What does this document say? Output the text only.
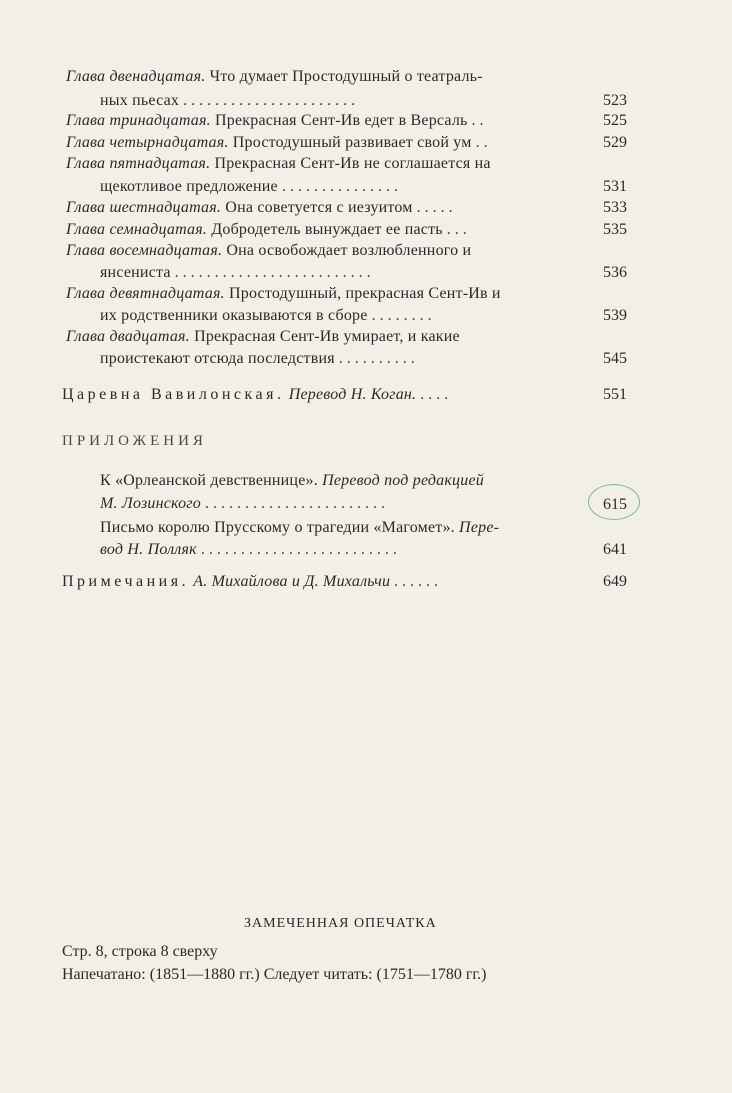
Глава двенадцатая. Что думает Простодушный о театраль-
ных пьесах . . . . . . . . . . . . . . . . . . . . . .	523
Глава тринадцатая. Прекрасная Сент-Ив едет в Версаль . .	525
Глава четырнадцатая. Простодушный развивает свой ум . .	529
Глава пятнадцатая. Прекрасная Сент-Ив не соглашается на
щекотливое предложение . . . . . . . . . . . . . . .	531
Глава шестнадцатая. Она советуется с иезуитом . . . . .	533
Глава семнадцатая. Добродетель вынуждает ее пасть . . .	535
Глава восемнадцатая. Она освобождает возлюбленного и
янсениста . . . . . . . . . . . . . . . . . . . . . . . . .	536
Глава девятнадцатая. Простодушный, прекрасная Сент-Ив и
их родственники оказываются в сборе . . . . . . . .	539
Глава двадцатая. Прекрасная Сент-Ив умирает, и какие
проистекают отсюда последствия . . . . . . . . . .	545
Царевна Вавилонская. Перевод Н. Коган. . . . .	551
ПРИЛОЖЕНИЯ
К «Орлеанской девственнице». Перевод под редакцией
М. Лозинского . . . . . . . . . . . . . . . . . . . . . . .	615
Письмо королю Прусскому о трагедии «Магомет». Пере-
вод Н. Полляк . . . . . . . . . . . . . . . . . . . . . . . . .	641
Примечания. А. Михайлова и Д. Михальчи . . . . . .	649
ЗАМЕЧЕННАЯ ОПЕЧАТКА
Стр. 8, строка 8 сверху
Напечатано: (1851—1880 гг.) Следует читать: (1751—1780 гг.)
